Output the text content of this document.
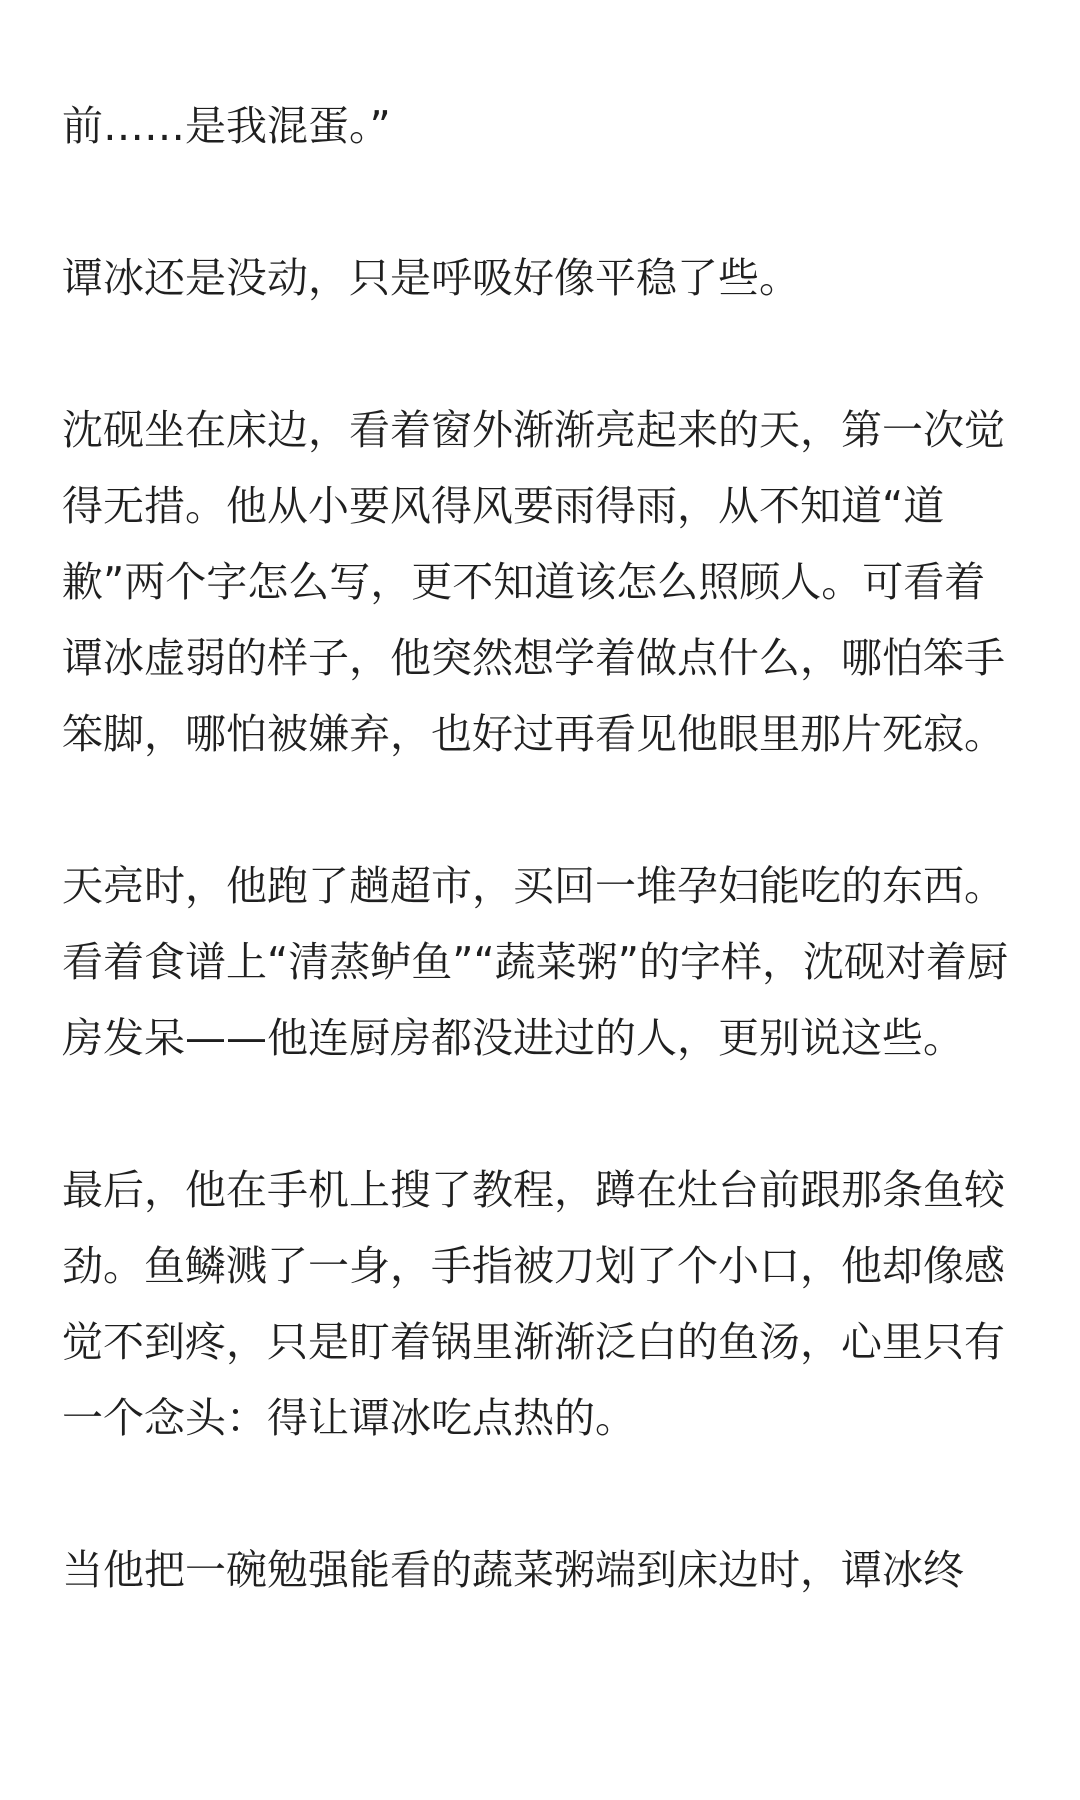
前……是我混蛋。”

谭冰还是没动，只是呼吸好像平稳了些。

沈砚坐在床边，看着窗外渐渐亮起来的天，第一次觉得无措。他从小要风得风要雨得雨，从不知道“道歉”两个字怎么写，更不知道该怎么照顾人。可看着谭冰虚弱的样子，他突然想学着做点什么，哪怕笨手笨脚，哪怕被嫌弃，也好过再看见他眼里那片死寂。

天亮时，他跑了趟超市，买回一堆孕妇能吃的东西。看着食谱上“清蒸鲈鱼”“蔬菜粥”的字样，沈砚对着厨房发呆——他连厨房都没进过的人，更别说这些。

最后，他在手机上搜了教程，蹲在灶台前跟那条鱼较劲。鱼鳞溅了一身，手指被刀划了个小口，他却像感觉不到疼，只是盯着锅里渐渐泛白的鱼汤，心里只有一个念头：得让谭冰吃点热的。

当他把一碗勉强能看的蔬菜粥端到床边时，谭冰终
